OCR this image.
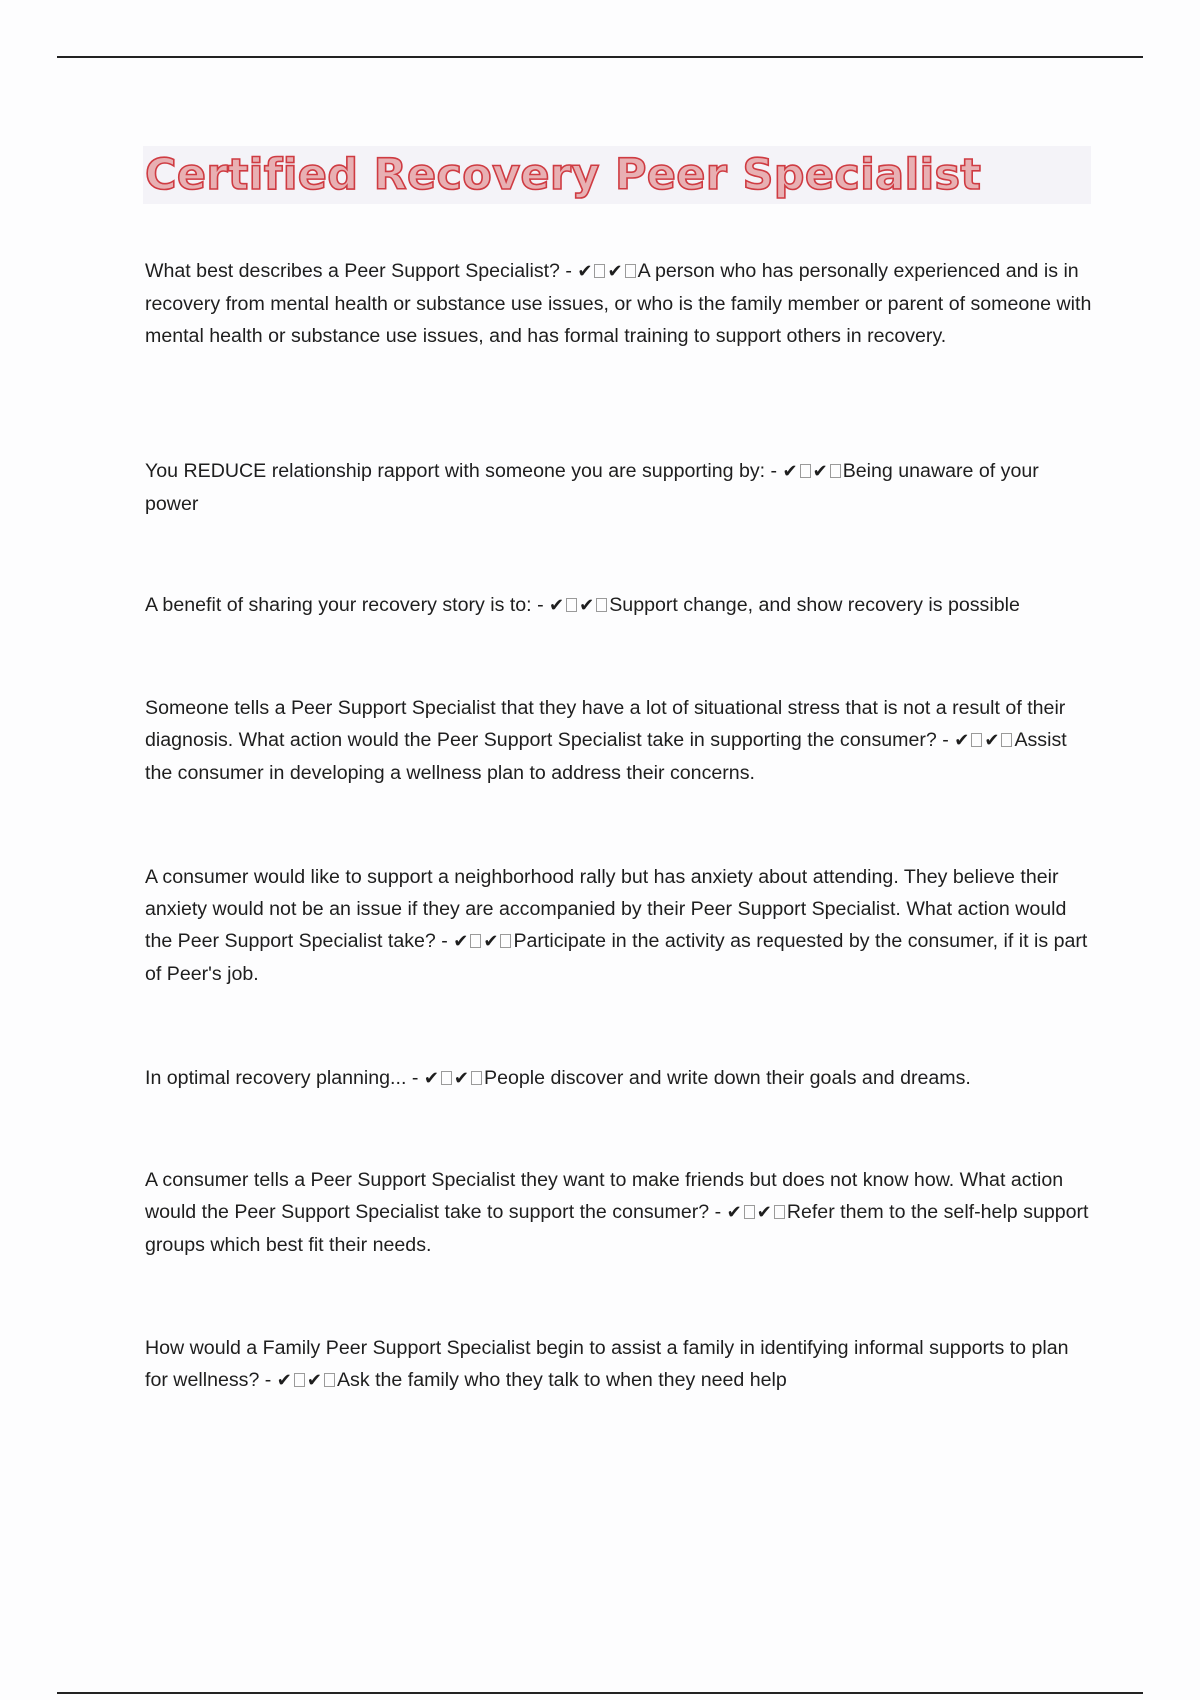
Certified Recovery Peer Specialist

What best describes a Peer Support Specialist? - ✔ ✔ A person who has personally experienced and is in recovery from mental health or substance use issues, or who is the family member or parent of someone with mental health or substance use issues, and has formal training to support others in recovery.

You REDUCE relationship rapport with someone you are supporting by: - ✔ ✔ Being unaware of your power

A benefit of sharing your recovery story is to: - ✔ ✔ Support change, and show recovery is possible

Someone tells a Peer Support Specialist that they have a lot of situational stress that is not a result of their diagnosis. What action would the Peer Support Specialist take in supporting the consumer? - ✔ ✔ Assist the consumer in developing a wellness plan to address their concerns.

A consumer would like to support a neighborhood rally but has anxiety about attending. They believe their anxiety would not be an issue if they are accompanied by their Peer Support Specialist. What action would the Peer Support Specialist take? - ✔ ✔ Participate in the activity as requested by the consumer, if it is part of Peer's job.

In optimal recovery planning... - ✔ ✔ People discover and write down their goals and dreams.

A consumer tells a Peer Support Specialist they want to make friends but does not know how. What action would the Peer Support Specialist take to support the consumer? - ✔ ✔ Refer them to the self-help support groups which best fit their needs.

How would a Family Peer Support Specialist begin to assist a family in identifying informal supports to plan for wellness? - ✔ ✔ Ask the family who they talk to when they need help
